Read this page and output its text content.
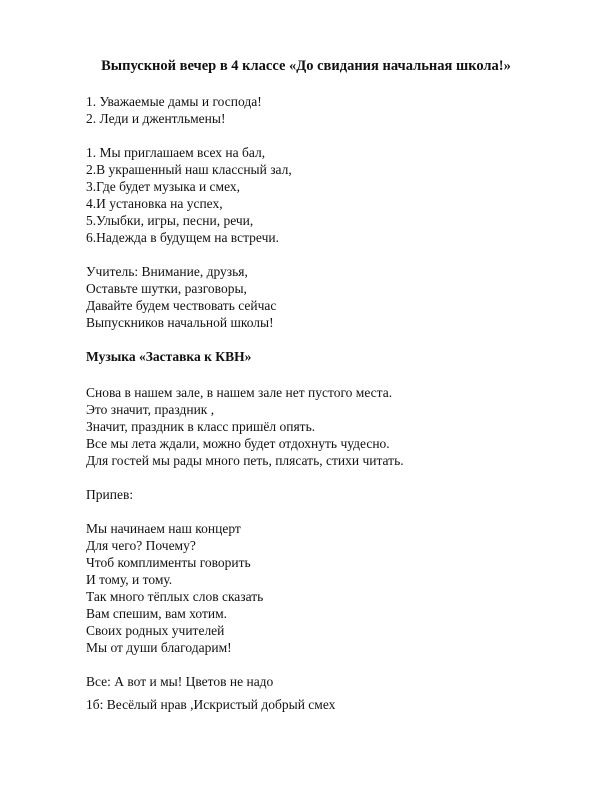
Выпускной вечер в 4 классе «До свидания начальная школа!»
1. Уважаемые дамы и господа!
2. Леди и джентльмены!
1. Мы приглашаем всех на бал,
2.В украшенный наш классный зал,
3.Где будет музыка и смех,
4.И установка на успех,
5.Улыбки, игры, песни, речи,
6.Надежда в будущем на встречи.
Учитель: Внимание, друзья,
Оставьте шутки, разговоры,
Давайте будем чествовать сейчас
Выпускников начальной школы!
Музыка «Заставка к КВН»
Снова в нашем зале, в нашем зале нет пустого места.
Это значит, праздник ,
Значит, праздник в класс пришёл опять.
Все мы лета ждали, можно будет отдохнуть чудесно.
Для гостей мы рады много петь, плясать, стихи читать.
Припев:
Мы начинаем наш концерт
Для чего? Почему?
Чтоб комплименты говорить
И тому, и тому.
Так много тёплых слов сказать
Вам спешим, вам хотим.
Своих родных учителей
Мы от души благодарим!
Все: А вот и мы! Цветов не надо
1б: Весёлый нрав ,Искристый добрый смех
